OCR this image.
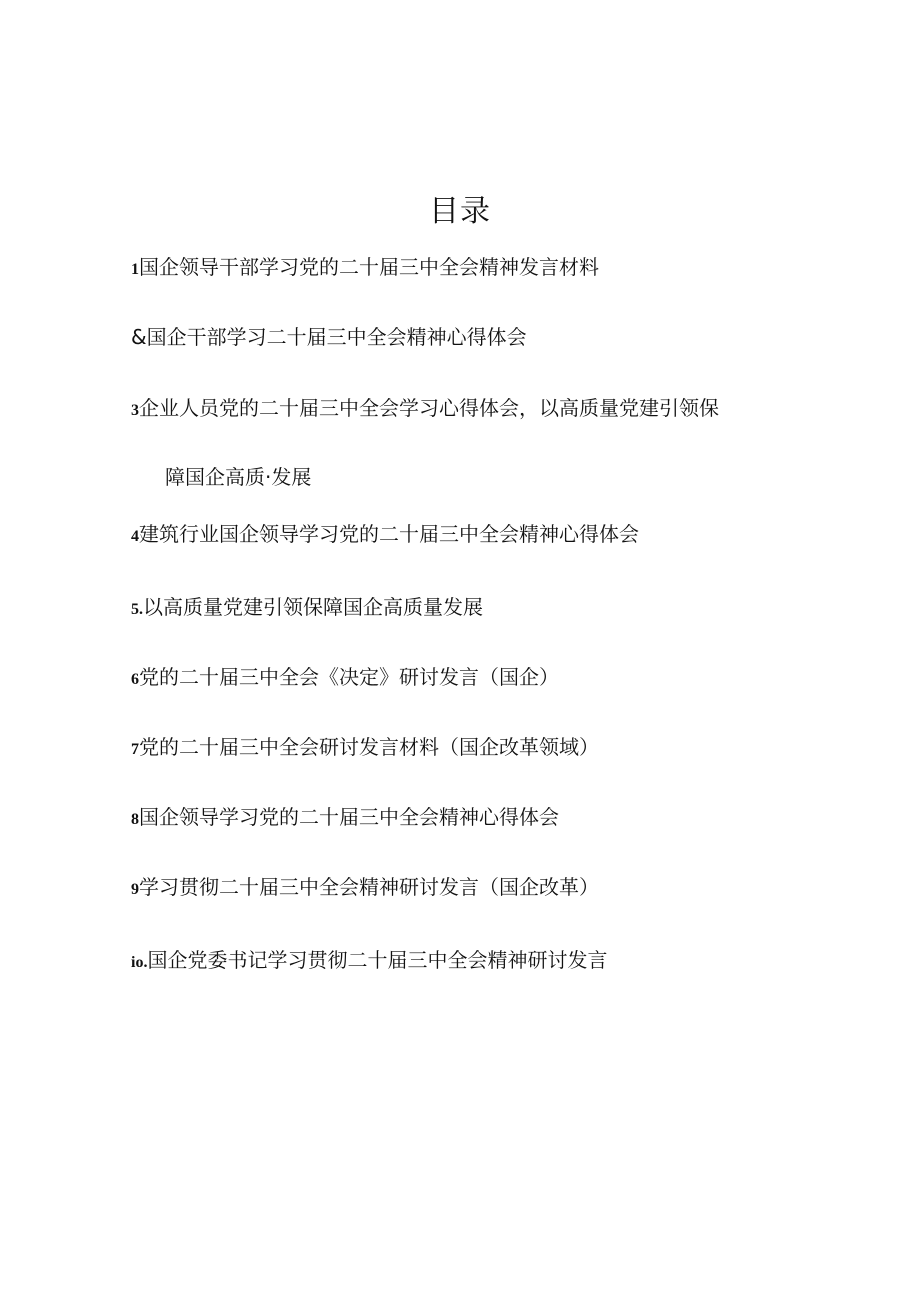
目录
1国企领导干部学习党的二十届三中全会精神发言材料
&国企干部学习二十届三中全会精神心得体会
3企业人员党的二十届三中全会学习心得体会，以高质量党建引领保
障国企高质·发展
4建筑行业国企领导学习党的二十届三中全会精神心得体会
5.以高质量党建引领保障国企高质量发展
6党的二十届三中全会《决定》研讨发言（国企）
7党的二十届三中全会研讨发言材料（国企改革领域）
8国企领导学习党的二十届三中全会精神心得体会
9学习贯彻二十届三中全会精神研讨发言（国企改革）
io.国企党委书记学习贯彻二十届三中全会精神研讨发言
